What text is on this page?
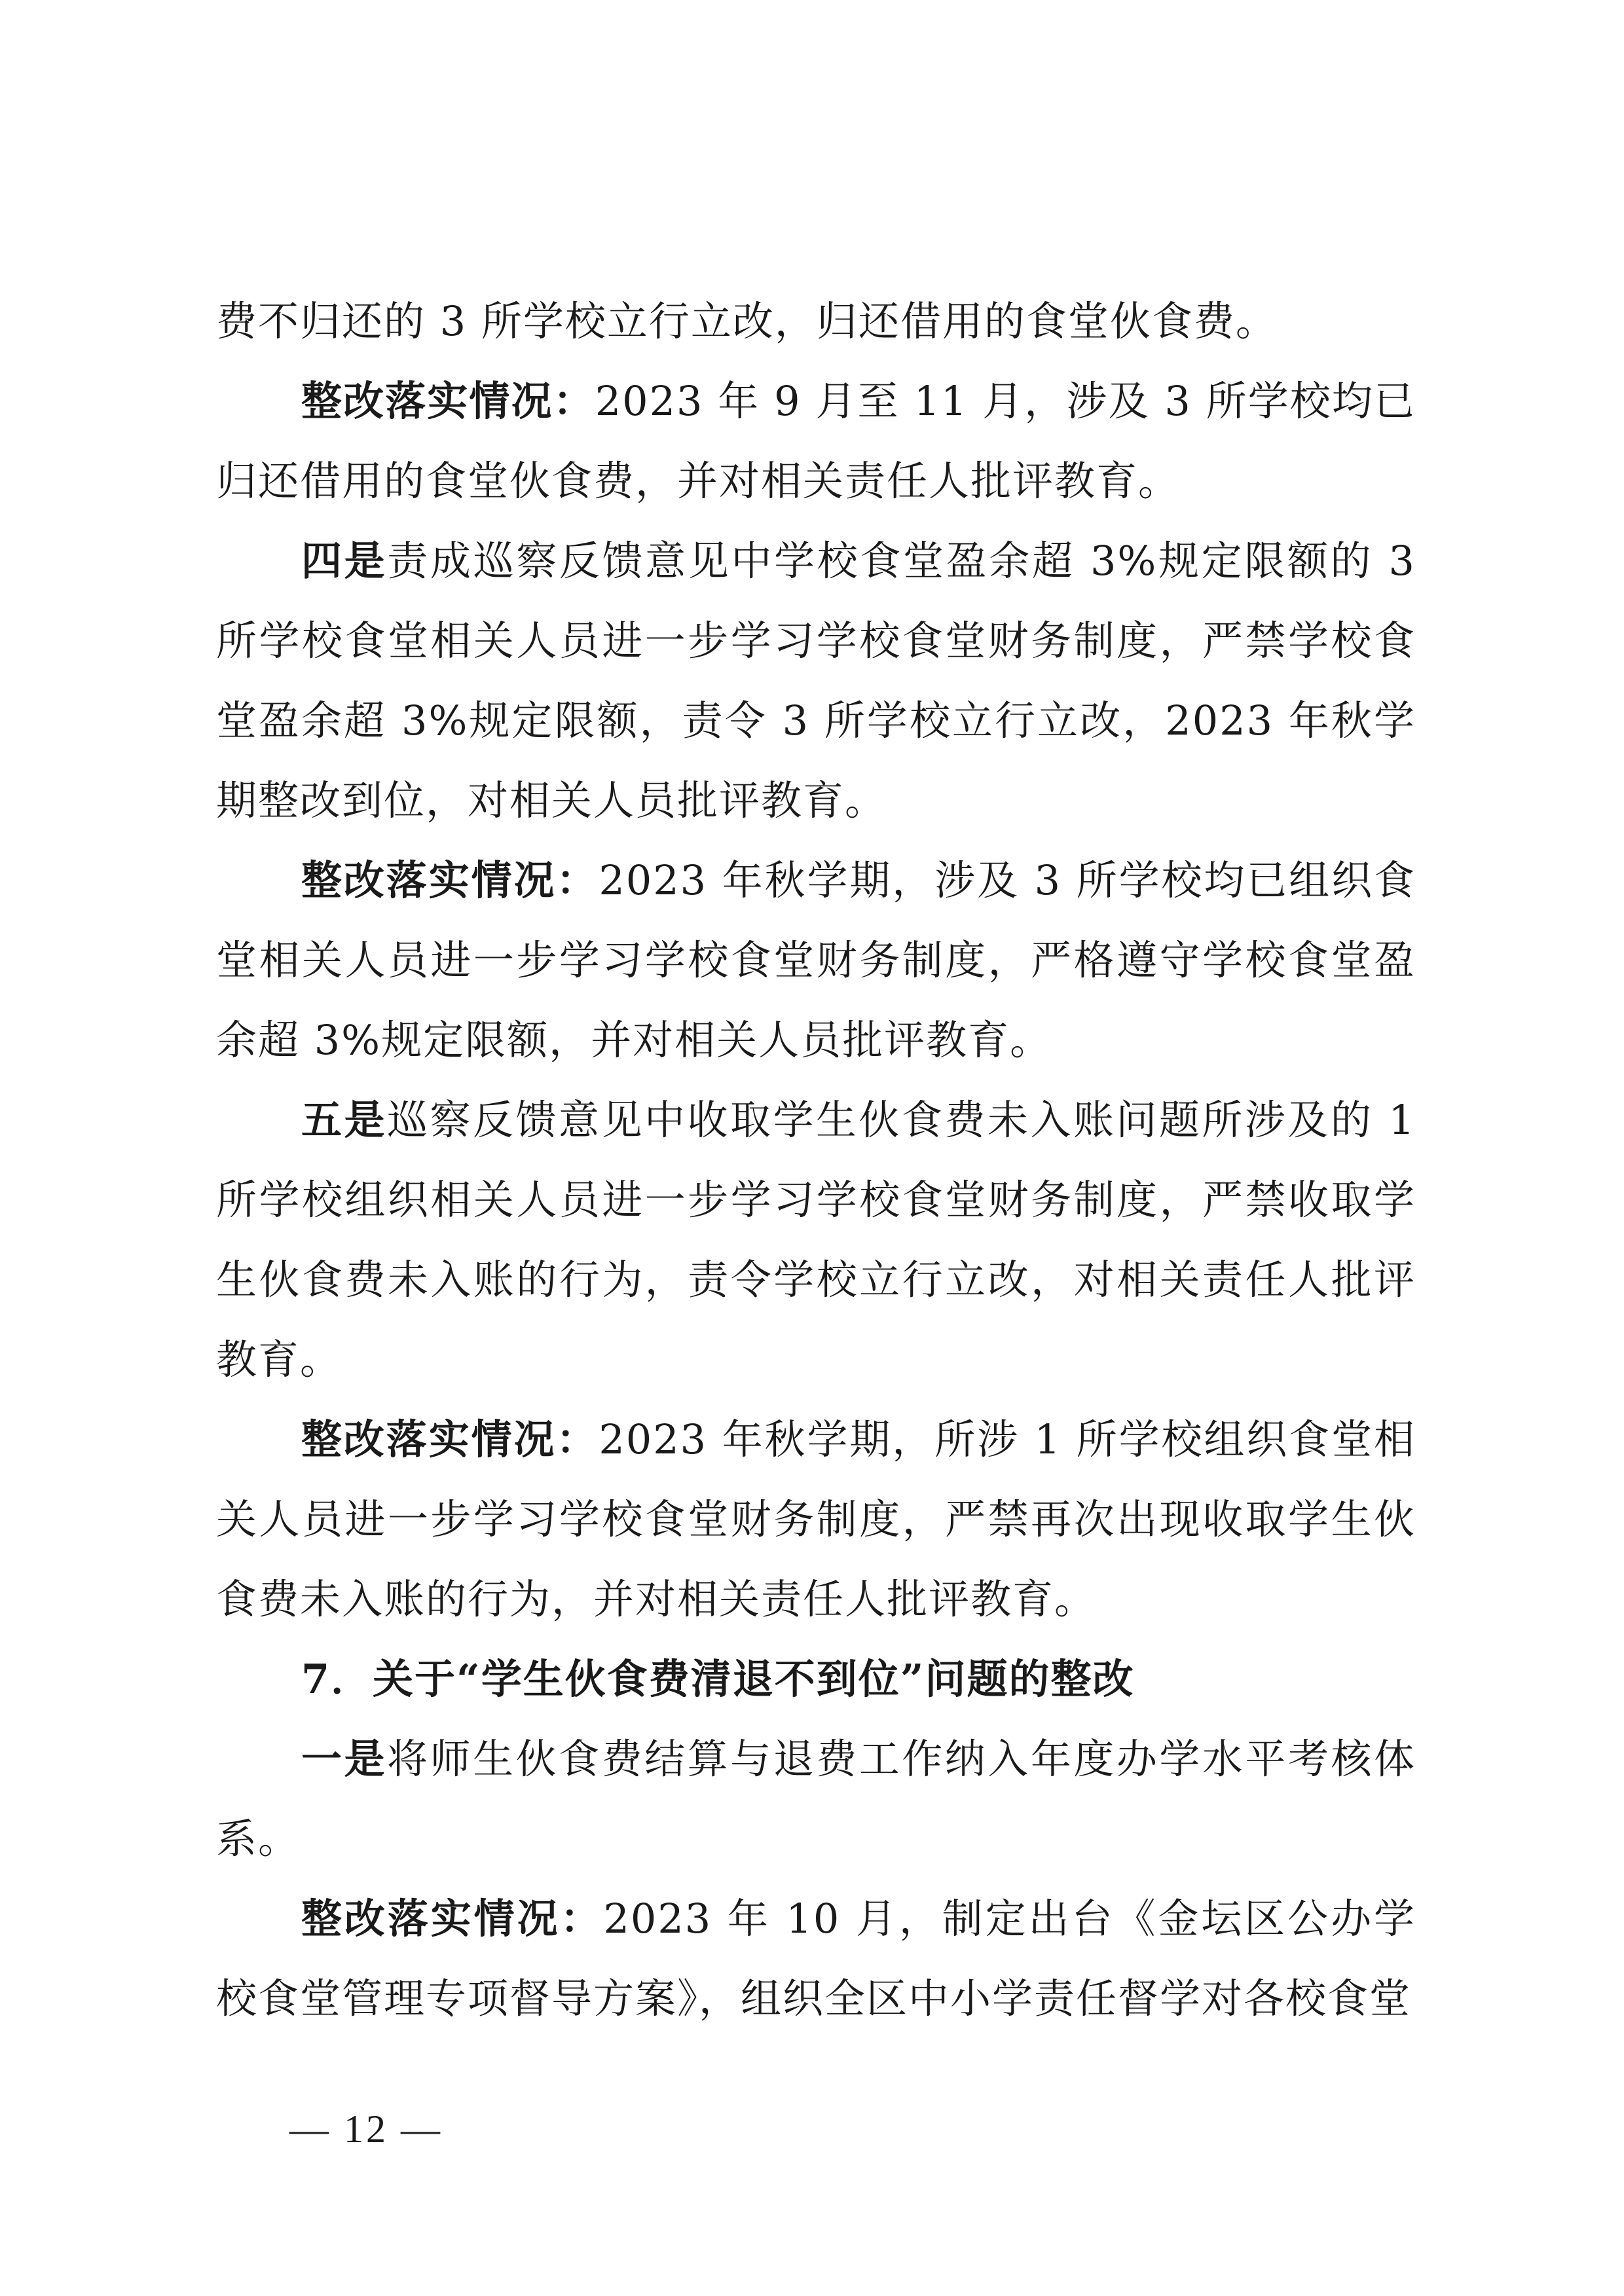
费不归还的 3 所学校立行立改，归还借用的食堂伙食费。

整改落实情况：2023 年 9 月至 11 月，涉及 3 所学校均已归还借用的食堂伙食费，并对相关责任人批评教育。

四是责成巡察反馈意见中学校食堂盈余超 3%规定限额的 3 所学校食堂相关人员进一步学习学校食堂财务制度，严禁学校食堂盈余超 3%规定限额，责令 3 所学校立行立改，2023 年秋学期整改到位，对相关人员批评教育。

整改落实情况：2023 年秋学期，涉及 3 所学校均已组织食堂相关人员进一步学习学校食堂财务制度，严格遵守学校食堂盈余超 3%规定限额，并对相关人员批评教育。

五是巡察反馈意见中收取学生伙食费未入账问题所涉及的 1 所学校组织相关人员进一步学习学校食堂财务制度，严禁收取学生伙食费未入账的行为，责令学校立行立改，对相关责任人批评教育。

整改落实情况：2023 年秋学期，所涉 1 所学校组织食堂相关人员进一步学习学校食堂财务制度，严禁再次出现收取学生伙食费未入账的行为，并对相关责任人批评教育。

7．关于“学生伙食费清退不到位”问题的整改

一是将师生伙食费结算与退费工作纳入年度办学水平考核体系。

整改落实情况：2023 年 10 月，制定出台《金坛区公办学校食堂管理专项督导方案》，组织全区中小学责任督学对各校食堂

— 12 —
